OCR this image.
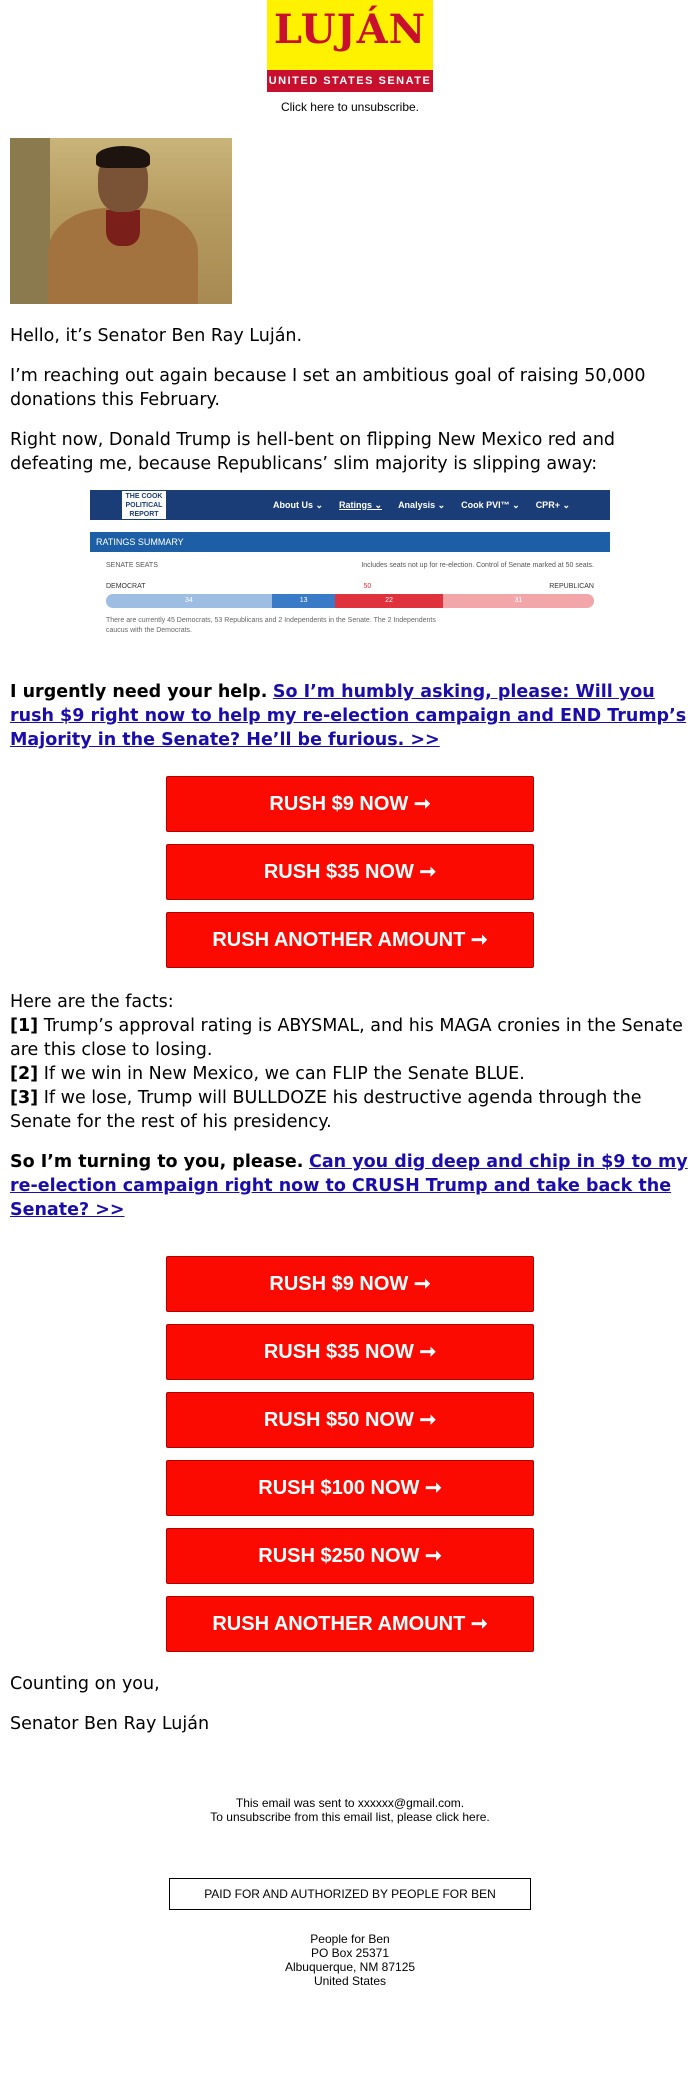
LUJÁN
UNITED STATES SENATE
Click here to unsubscribe.

Hello, it’s Senator Ben Ray Luján.

I’m reaching out again because I set an ambitious goal of raising 50,000 donations this February.

Right now, Donald Trump is hell-bent on flipping New Mexico red and defeating me, because Republicans’ slim majority is slipping away:

THE COOK POLITICAL REPORT
About Us ⌄ Ratings ⌄ Analysis ⌄ Cook PVI™ ⌄ CPR+ ⌄
RATINGS SUMMARY
SENATE SEATS	Includes seats not up for re-election. Control of Senate marked at 50 seats.
DEMOCRAT	50	REPUBLICAN
34	13	22	31
There are currently 45 Democrats, 53 Republicans and 2 Independents in the Senate. The 2 Independents caucus with the Democrats.

I urgently need your help. So I’m humbly asking, please: Will you rush $9 right now to help my re-election campaign and END Trump’s Majority in the Senate? He’ll be furious. >>

RUSH $9 NOW ➞
RUSH $35 NOW ➞
RUSH ANOTHER AMOUNT ➞

Here are the facts:

[1] Trump’s approval rating is ABYSMAL, and his MAGA cronies in the Senate are this close to losing.

[2] If we win in New Mexico, we can FLIP the Senate BLUE.

[3] If we lose, Trump will BULLDOZE his destructive agenda through the Senate for the rest of his presidency.

So I’m turning to you, please. Can you dig deep and chip in $9 to my re-election campaign right now to CRUSH Trump and take back the Senate? >>

RUSH $9 NOW ➞
RUSH $35 NOW ➞
RUSH $50 NOW ➞
RUSH $100 NOW ➞
RUSH $250 NOW ➞
RUSH ANOTHER AMOUNT ➞

Counting on you,

Senator Ben Ray Luján

This email was sent to xxxxxx@gmail.com.
To unsubscribe from this email list, please click here.
PAID FOR AND AUTHORIZED BY PEOPLE FOR BEN
People for Ben
PO Box 25371
Albuquerque, NM 87125
United States
